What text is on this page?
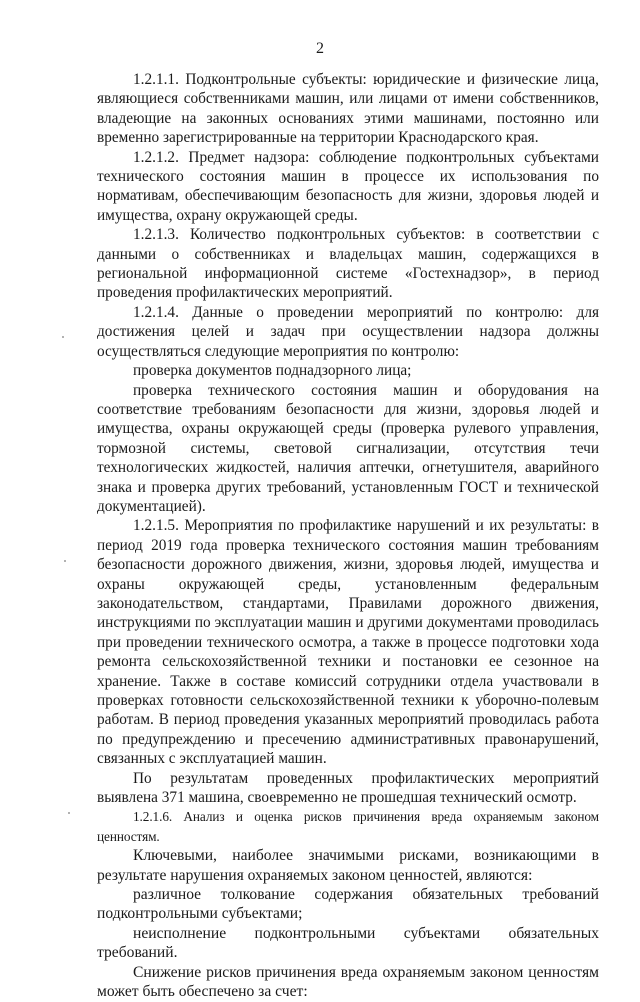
2

1.2.1.1. Подконтрольные субъекты: юридические и физические лица, являющиеся собственниками машин, или лицами от имени собственников, владеющие на законных основаниях этими машинами, постоянно или временно зарегистрированные на территории Краснодарского края.

1.2.1.2. Предмет надзора: соблюдение подконтрольных субъектами технического состояния машин в процессе их использования по нормативам, обеспечивающим безопасность для жизни, здоровья людей и имущества, охрану окружающей среды.

1.2.1.3. Количество подконтрольных субъектов: в соответствии с данными о собственниках и владельцах машин, содержащихся в региональной информационной системе «Гостехнадзор», в период проведения профилактических мероприятий.

1.2.1.4. Данные о проведении мероприятий по контролю: для достижения целей и задач при осуществлении надзора должны осуществляться следующие мероприятия по контролю:

проверка документов поднадзорного лица;

проверка технического состояния машин и оборудования на соответствие требованиям безопасности для жизни, здоровья людей и имущества, охраны окружающей среды (проверка рулевого управления, тормозной системы, световой сигнализации, отсутствия течи технологических жидкостей, наличия аптечки, огнетушителя, аварийного знака и проверка других требований, установленным ГОСТ и технической документацией).

1.2.1.5. Мероприятия по профилактике нарушений и их результаты: в период 2019 года проверка технического состояния машин требованиям безопасности дорожного движения, жизни, здоровья людей, имущества и охраны окружающей среды, установленным федеральным законодательством, стандартами, Правилами дорожного движения, инструкциями по эксплуатации машин и другими документами проводилась при проведении технического осмотра, а также в процессе подготовки хода ремонта сельскохозяйственной техники и постановки ее сезонное на хранение. Также в составе комиссий сотрудники отдела участвовали в проверках готовности сельскохозяйственной техники к уборочно-полевым работам. В период проведения указанных мероприятий проводилась работа по предупреждению и пресечению административных правонарушений, связанных с эксплуатацией машин.

По результатам проведенных профилактических мероприятий выявлена 371 машина, своевременно не прошедшая технический осмотр.

1.2.1.6. Анализ и оценка рисков причинения вреда охраняемым законом ценностям.

Ключевыми, наиболее значимыми рисками, возникающими в результате нарушения охраняемых законом ценностей, являются:

различное толкование содержания обязательных требований подконтрольными субъектами;

неисполнение подконтрольными субъектами обязательных требований.

Снижение рисков причинения вреда охраняемым законом ценностям может быть обеспечено за счет:
